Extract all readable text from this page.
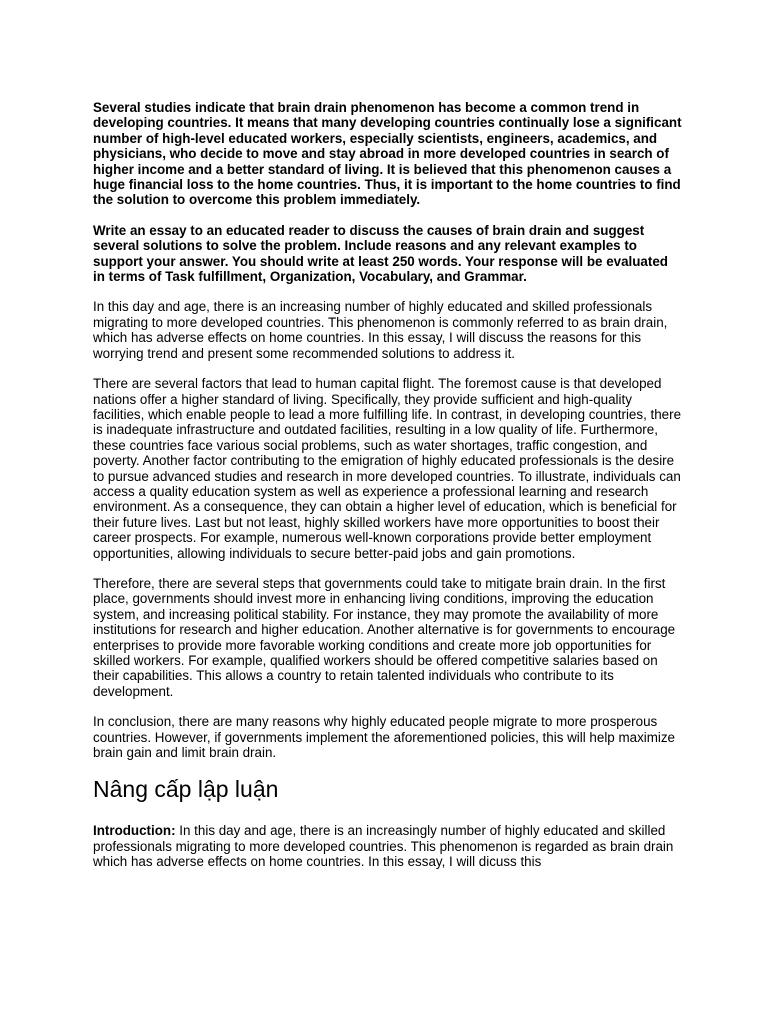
Several studies indicate that brain drain phenomenon has become a common trend in developing countries. It means that many developing countries continually lose a significant number of high-level educated workers, especially scientists, engineers, academics, and physicians, who decide to move and stay abroad in more developed countries in search of higher income and a better standard of living. It is believed that this phenomenon causes a huge financial loss to the home countries. Thus, it is important to the home countries to find the solution to overcome this problem immediately.

Write an essay to an educated reader to discuss the causes of brain drain and suggest several solutions to solve the problem. Include reasons and any relevant examples to support your answer. You should write at least 250 words. Your response will be evaluated in terms of Task fulfillment, Organization, Vocabulary, and Grammar.

In this day and age, there is an increasing number of highly educated and skilled professionals migrating to more developed countries. This phenomenon is commonly referred to as brain drain, which has adverse effects on home countries. In this essay, I will discuss the reasons for this worrying trend and present some recommended solutions to address it.

There are several factors that lead to human capital flight. The foremost cause is that developed nations offer a higher standard of living. Specifically, they provide sufficient and high-quality facilities, which enable people to lead a more fulfilling life. In contrast, in developing countries, there is inadequate infrastructure and outdated facilities, resulting in a low quality of life. Furthermore, these countries face various social problems, such as water shortages, traffic congestion, and poverty. Another factor contributing to the emigration of highly educated professionals is the desire to pursue advanced studies and research in more developed countries. To illustrate, individuals can access a quality education system as well as experience a professional learning and research environment. As a consequence, they can obtain a higher level of education, which is beneficial for their future lives. Last but not least, highly skilled workers have more opportunities to boost their career prospects. For example, numerous well-known corporations provide better employment opportunities, allowing individuals to secure better-paid jobs and gain promotions.

Therefore, there are several steps that governments could take to mitigate brain drain. In the first place, governments should invest more in enhancing living conditions, improving the education system, and increasing political stability. For instance, they may promote the availability of more institutions for research and higher education. Another alternative is for governments to encourage enterprises to provide more favorable working conditions and create more job opportunities for skilled workers. For example, qualified workers should be offered competitive salaries based on their capabilities. This allows a country to retain talented individuals who contribute to its development.

In conclusion, there are many reasons why highly educated people migrate to more prosperous countries. However, if governments implement the aforementioned policies, this will help maximize brain gain and limit brain drain.

Nâng cấp lập luận

Introduction: In this day and age, there is an increasingly number of highly educated and skilled professionals migrating to more developed countries. This phenomenon is regarded as brain drain which has adverse effects on home countries. In this essay, I will dicuss this
